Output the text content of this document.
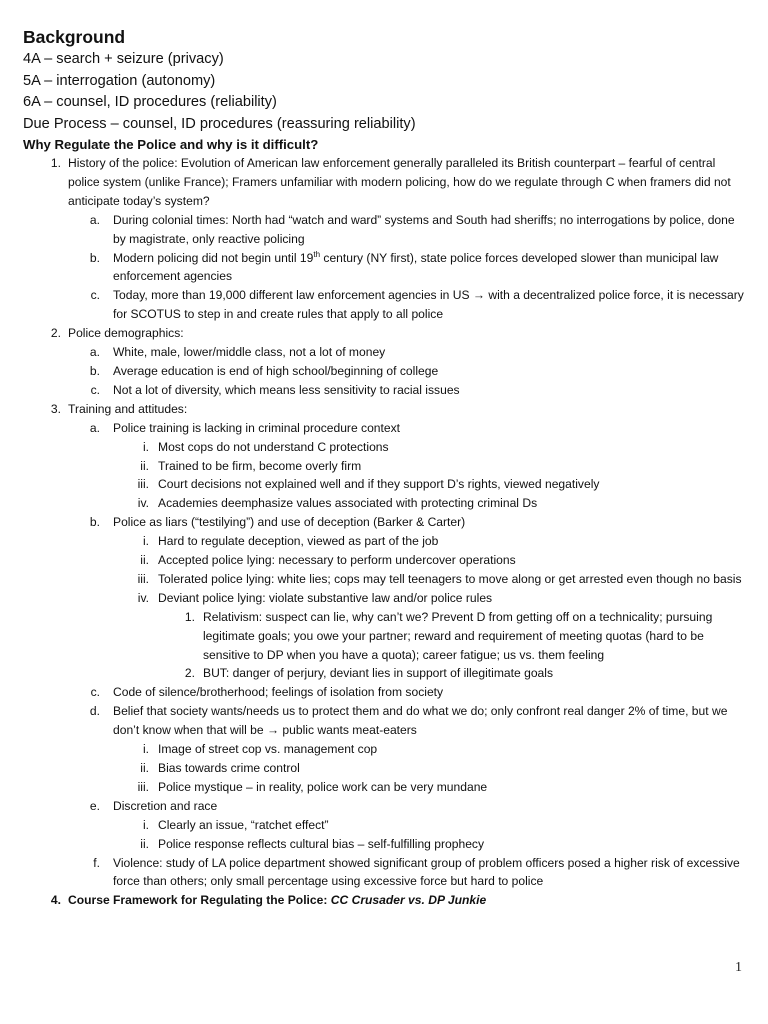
Background
4A – search + seizure (privacy)
5A – interrogation (autonomy)
6A – counsel, ID procedures (reliability)
Due Process – counsel, ID procedures (reassuring reliability)
Why Regulate the Police and why is it difficult?
1. History of the police: Evolution of American law enforcement generally paralleled its British counterpart – fearful of central police system (unlike France); Framers unfamiliar with modern policing, how do we regulate through C when framers did not anticipate today’s system?
a. During colonial times: North had “watch and ward” systems and South had sheriffs; no interrogations by police, done by magistrate, only reactive policing
b. Modern policing did not begin until 19th century (NY first), state police forces developed slower than municipal law enforcement agencies
c. Today, more than 19,000 different law enforcement agencies in US → with a decentralized police force, it is necessary for SCOTUS to step in and create rules that apply to all police
2. Police demographics:
a. White, male, lower/middle class, not a lot of money
b. Average education is end of high school/beginning of college
c. Not a lot of diversity, which means less sensitivity to racial issues
3. Training and attitudes:
a. Police training is lacking in criminal procedure context
i. Most cops do not understand C protections
ii. Trained to be firm, become overly firm
iii. Court decisions not explained well and if they support D’s rights, viewed negatively
iv. Academies deemphasize values associated with protecting criminal Ds
b. Police as liars (“testilying”) and use of deception (Barker & Carter)
i. Hard to regulate deception, viewed as part of the job
ii. Accepted police lying: necessary to perform undercover operations
iii. Tolerated police lying: white lies; cops may tell teenagers to move along or get arrested even though no basis
iv. Deviant police lying: violate substantive law and/or police rules
1. Relativism: suspect can lie, why can’t we? Prevent D from getting off on a technicality; pursuing legitimate goals; you owe your partner; reward and requirement of meeting quotas (hard to be sensitive to DP when you have a quota); career fatigue; us vs. them feeling
2. BUT: danger of perjury, deviant lies in support of illegitimate goals
c. Code of silence/brotherhood; feelings of isolation from society
d. Belief that society wants/needs us to protect them and do what we do; only confront real danger 2% of time, but we don’t know when that will be → public wants meat-eaters
i. Image of street cop vs. management cop
ii. Bias towards crime control
iii. Police mystique – in reality, police work can be very mundane
e. Discretion and race
i. Clearly an issue, “ratchet effect”
ii. Police response reflects cultural bias – self-fulfilling prophecy
f. Violence: study of LA police department showed significant group of problem officers posed a higher risk of excessive force than others; only small percentage using excessive force but hard to police
4. Course Framework for Regulating the Police: CC Crusader vs. DP Junkie
1
